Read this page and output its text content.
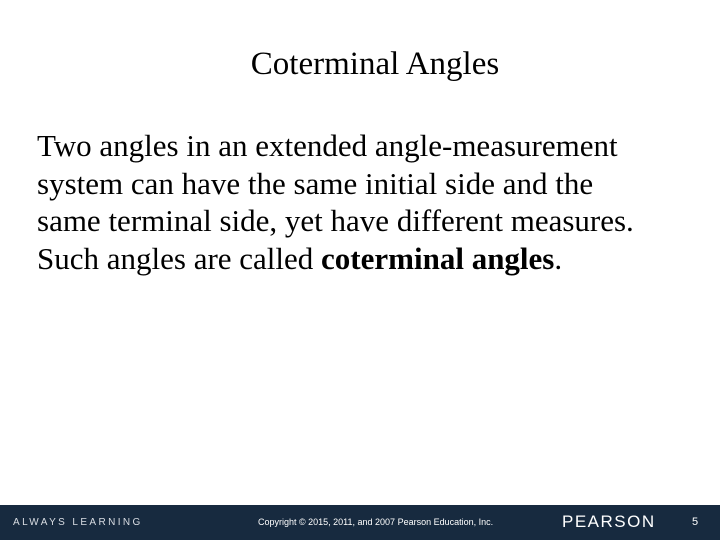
Coterminal Angles
Two angles in an extended angle-measurement
system can have the same initial side and the
same terminal side, yet have different measures.
Such angles are called coterminal angles.
ALWAYS LEARNING	Copyright © 2015, 2011, and 2007 Pearson Education, Inc.	PEARSON	5
